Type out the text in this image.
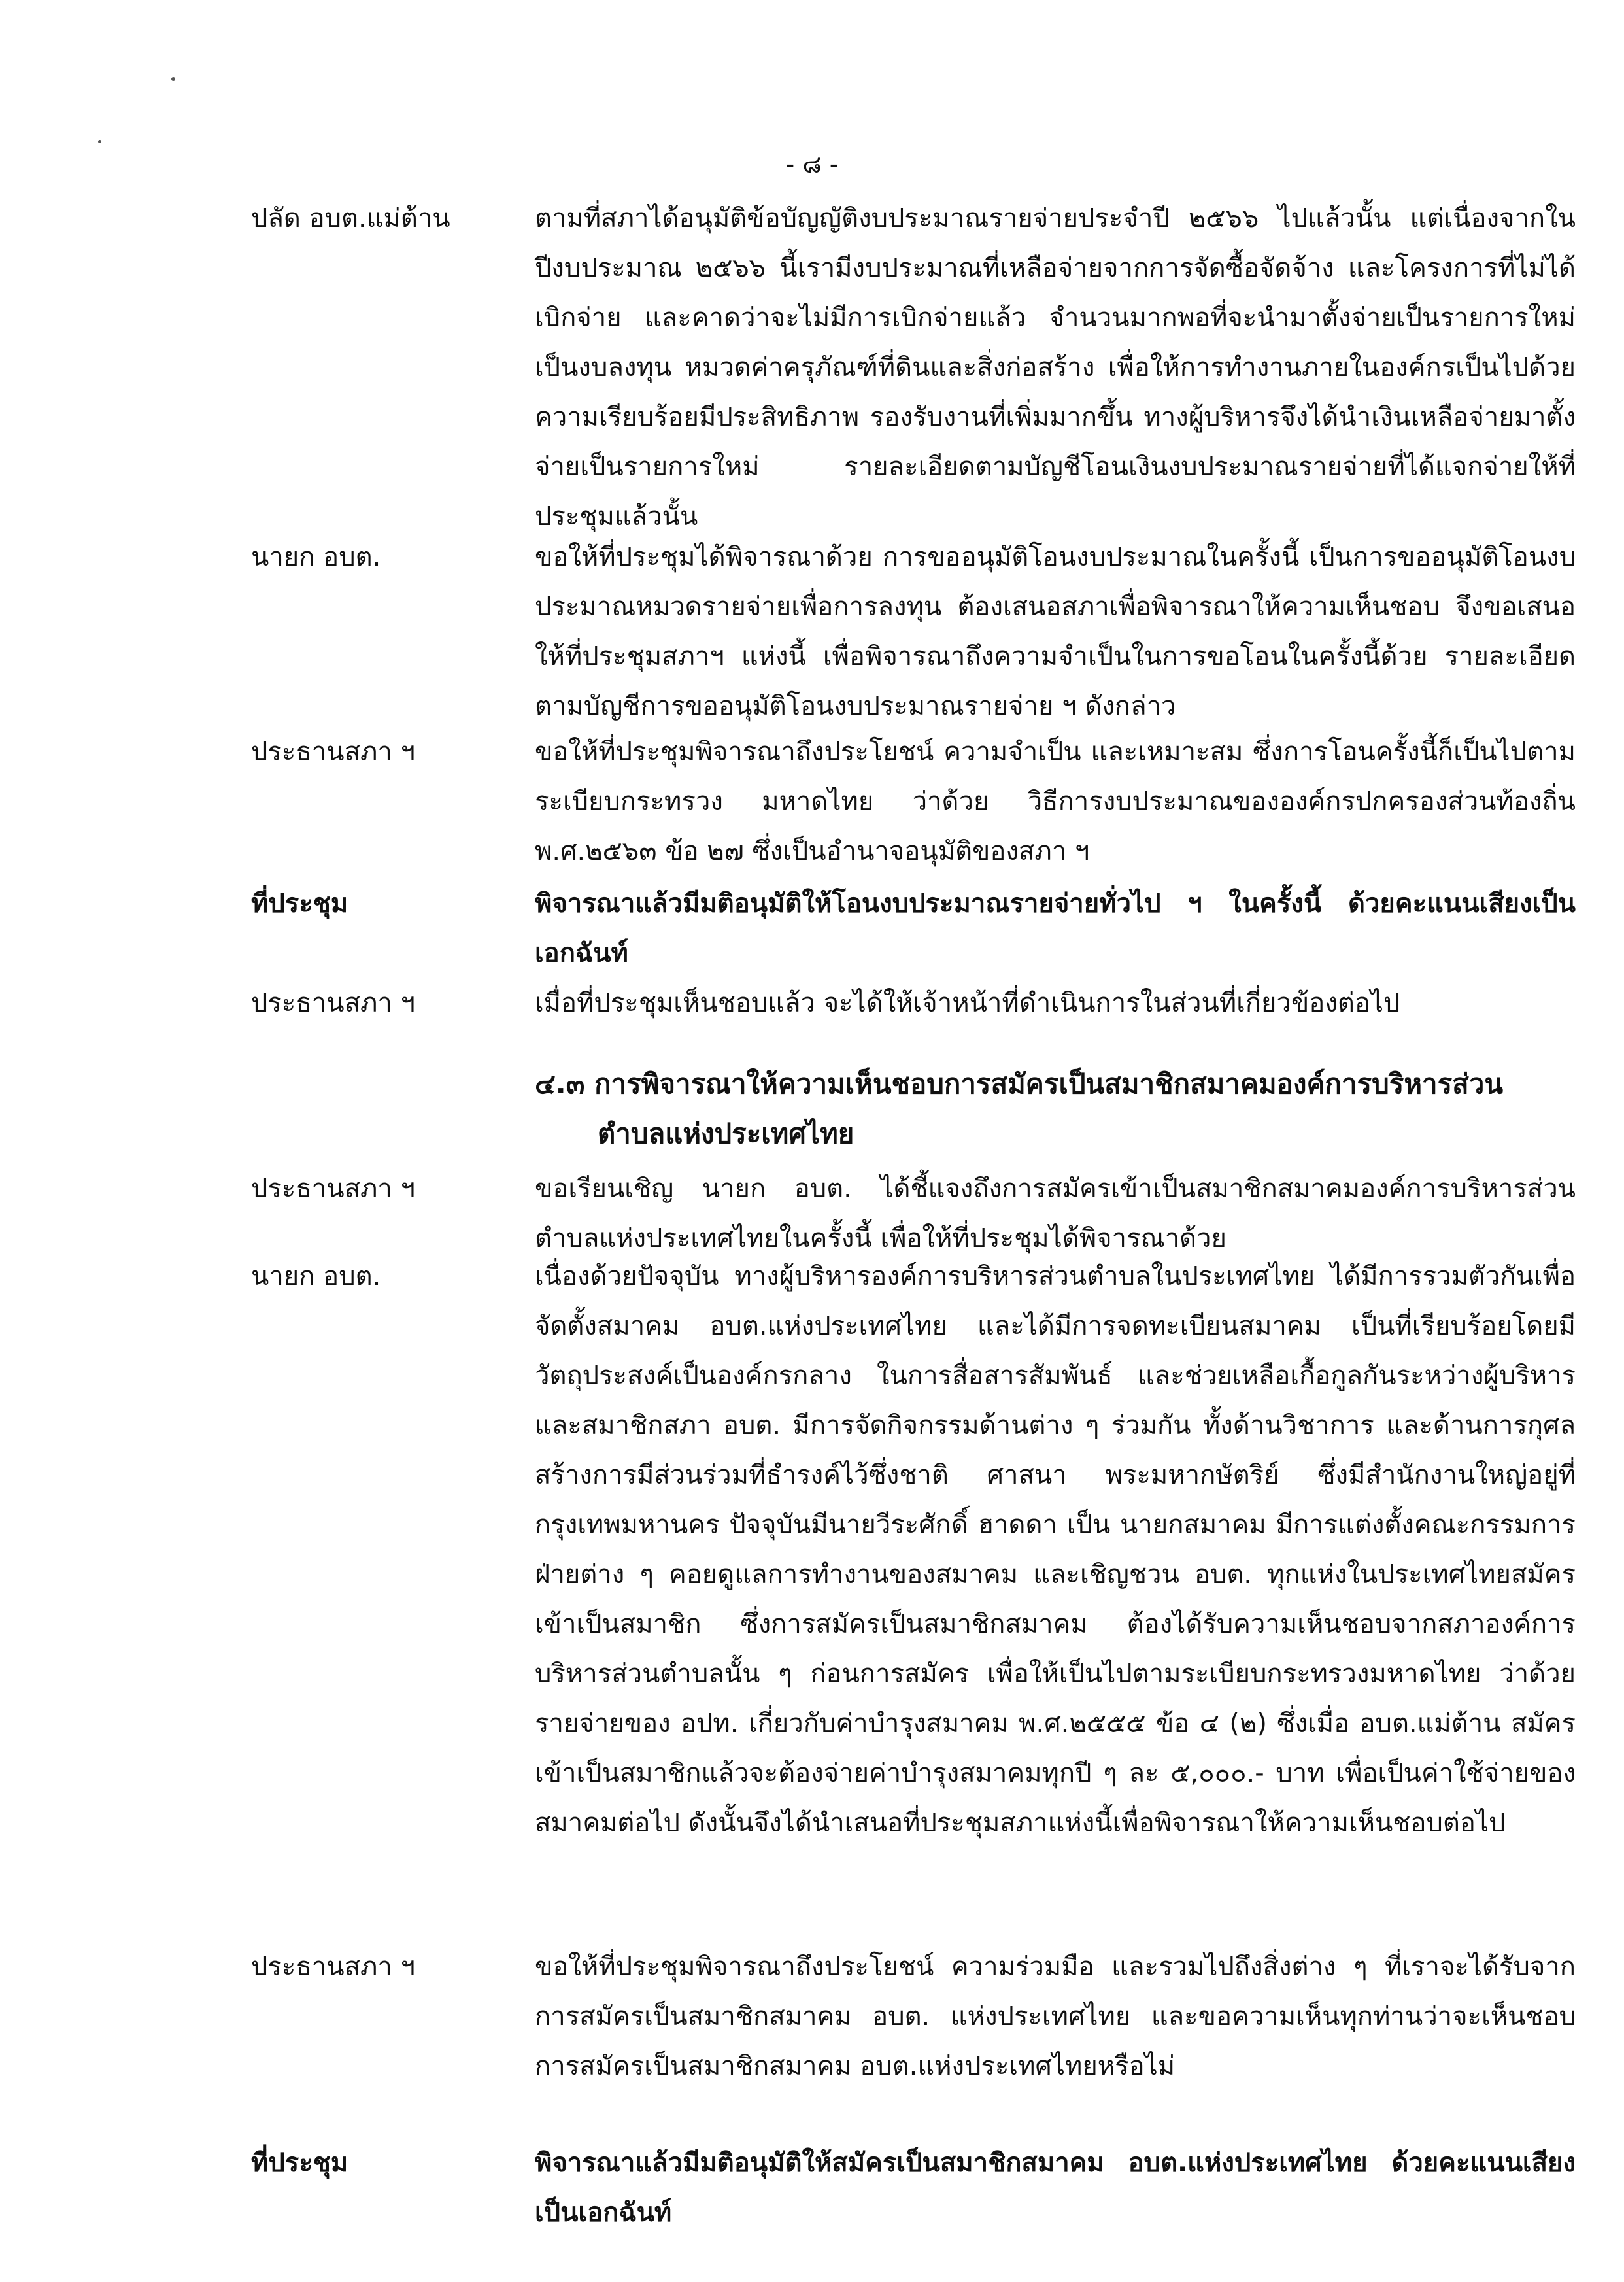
- ๘ -
ปลัด อบต.แม่ต้าน	ตามที่สภาได้อนุมัติข้อบัญญัติงบประมาณรายจ่ายประจำปี ๒๕๖๖ ไปแล้วนั้น แต่เนื่องจากในปีงบประมาณ ๒๕๖๖ นี้เรามีงบประมาณที่เหลือจ่ายจากการจัดซื้อจัดจ้าง และโครงการที่ไม่ได้เบิกจ่าย และคาดว่าจะไม่มีการเบิกจ่ายแล้ว จำนวนมากพอที่จะนำมาตั้งจ่ายเป็นรายการใหม่ เป็นงบลงทุน หมวดค่าครุภัณฑ์ที่ดินและสิ่งก่อสร้าง เพื่อให้การทำงานภายในองค์กรเป็นไปด้วยความเรียบร้อยมีประสิทธิภาพ รองรับงานที่เพิ่มมากขึ้น ทางผู้บริหารจึงได้นำเงินเหลือจ่ายมาตั้งจ่ายเป็นรายการใหม่ รายละเอียดตามบัญชีโอนเงินงบประมาณรายจ่ายที่ได้แจกจ่ายให้ที่ประชุมแล้วนั้น

นายก อบต.	ขอให้ที่ประชุมได้พิจารณาด้วย การขออนุมัติโอนงบประมาณในครั้งนี้ เป็นการขออนุมัติโอนงบประมาณหมวดรายจ่ายเพื่อการลงทุน ต้องเสนอสภาเพื่อพิจารณาให้ความเห็นชอบ จึงขอเสนอให้ที่ประชุมสภาฯ แห่งนี้ เพื่อพิจารณาถึงความจำเป็นในการขอโอนในครั้งนี้ด้วย รายละเอียดตามบัญชีการขออนุมัติโอนงบประมาณรายจ่าย ฯ ดังกล่าว

ประธานสภา ฯ	ขอให้ที่ประชุมพิจารณาถึงประโยชน์ ความจำเป็น และเหมาะสม ซึ่งการโอนครั้งนี้ก็เป็นไปตามระเบียบกระทรวง มหาดไทย ว่าด้วย วิธีการงบประมาณขององค์กรปกครองส่วนท้องถิ่น พ.ศ.๒๕๖๓ ข้อ ๒๗ ซึ่งเป็นอำนาจอนุมัติของสภา ฯ

ที่ประชุม	พิจารณาแล้วมีมติอนุมัติให้โอนงบประมาณรายจ่ายทั่วไป ฯ ในครั้งนี้ ด้วยคะแนนเสียงเป็นเอกฉันท์

ประธานสภา ฯ	เมื่อที่ประชุมเห็นชอบแล้ว จะได้ให้เจ้าหน้าที่ดำเนินการในส่วนที่เกี่ยวข้องต่อไป

๔.๓ การพิจารณาให้ความเห็นชอบการสมัครเป็นสมาชิกสมาคมองค์การบริหารส่วน
ตำบลแห่งประเทศไทย
ประธานสภา ฯ	ขอเรียนเชิญ นายก อบต. ได้ชี้แจงถึงการสมัครเข้าเป็นสมาชิกสมาคมองค์การบริหารส่วนตำบลแห่งประเทศไทยในครั้งนี้ เพื่อให้ที่ประชุมได้พิจารณาด้วย

นายก อบต.	เนื่องด้วยปัจจุบัน ทางผู้บริหารองค์การบริหารส่วนตำบลในประเทศไทย ได้มีการรวมตัวกันเพื่อจัดตั้งสมาคม อบต.แห่งประเทศไทย และได้มีการจดทะเบียนสมาคม เป็นที่เรียบร้อยโดยมีวัตถุประสงค์เป็นองค์กรกลาง ในการสื่อสารสัมพันธ์ และช่วยเหลือเกื้อกูลกันระหว่างผู้บริหาร และสมาชิกสภา อบต. มีการจัดกิจกรรมด้านต่าง ๆ ร่วมกัน ทั้งด้านวิชาการ และด้านการกุศล สร้างการมีส่วนร่วมที่ธำรงค์ไว้ซึ่งชาติ ศาสนา พระมหากษัตริย์ ซึ่งมีสำนักงานใหญ่อยู่ที่ กรุงเทพมหานคร ปัจจุบันมีนายวีระศักดิ์ ฮาดดา เป็น นายกสมาคม มีการแต่งตั้งคณะกรรมการฝ่ายต่าง ๆ คอยดูแลการทำงานของสมาคม และเชิญชวน อบต. ทุกแห่งในประเทศไทยสมัครเข้าเป็นสมาชิก ซึ่งการสมัครเป็นสมาชิกสมาคม ต้องได้รับความเห็นชอบจากสภาองค์การบริหารส่วนตำบลนั้น ๆ ก่อนการสมัคร เพื่อให้เป็นไปตามระเบียบกระทรวงมหาดไทย ว่าด้วยรายจ่ายของ อปท. เกี่ยวกับค่าบำรุงสมาคม พ.ศ.๒๕๕๕ ข้อ ๔ (๒) ซึ่งเมื่อ อบต.แม่ต้าน สมัครเข้าเป็นสมาชิกแล้วจะต้องจ่ายค่าบำรุงสมาคมทุกปี ๆ ละ ๕,๐๐๐.- บาท เพื่อเป็นค่าใช้จ่ายของสมาคมต่อไป ดังนั้นจึงได้นำเสนอที่ประชุมสภาแห่งนี้เพื่อพิจารณาให้ความเห็นชอบต่อไป

ประธานสภา ฯ	ขอให้ที่ประชุมพิจารณาถึงประโยชน์ ความร่วมมือ และรวมไปถึงสิ่งต่าง ๆ ที่เราจะได้รับจากการสมัครเป็นสมาชิกสมาคม อบต. แห่งประเทศไทย และขอความเห็นทุกท่านว่าจะเห็นชอบการสมัครเป็นสมาชิกสมาคม อบต.แห่งประเทศไทยหรือไม่

ที่ประชุม	พิจารณาแล้วมีมติอนุมัติให้สมัครเป็นสมาชิกสมาคม อบต.แห่งประเทศไทย ด้วยคะแนนเสียงเป็นเอกฉันท์
